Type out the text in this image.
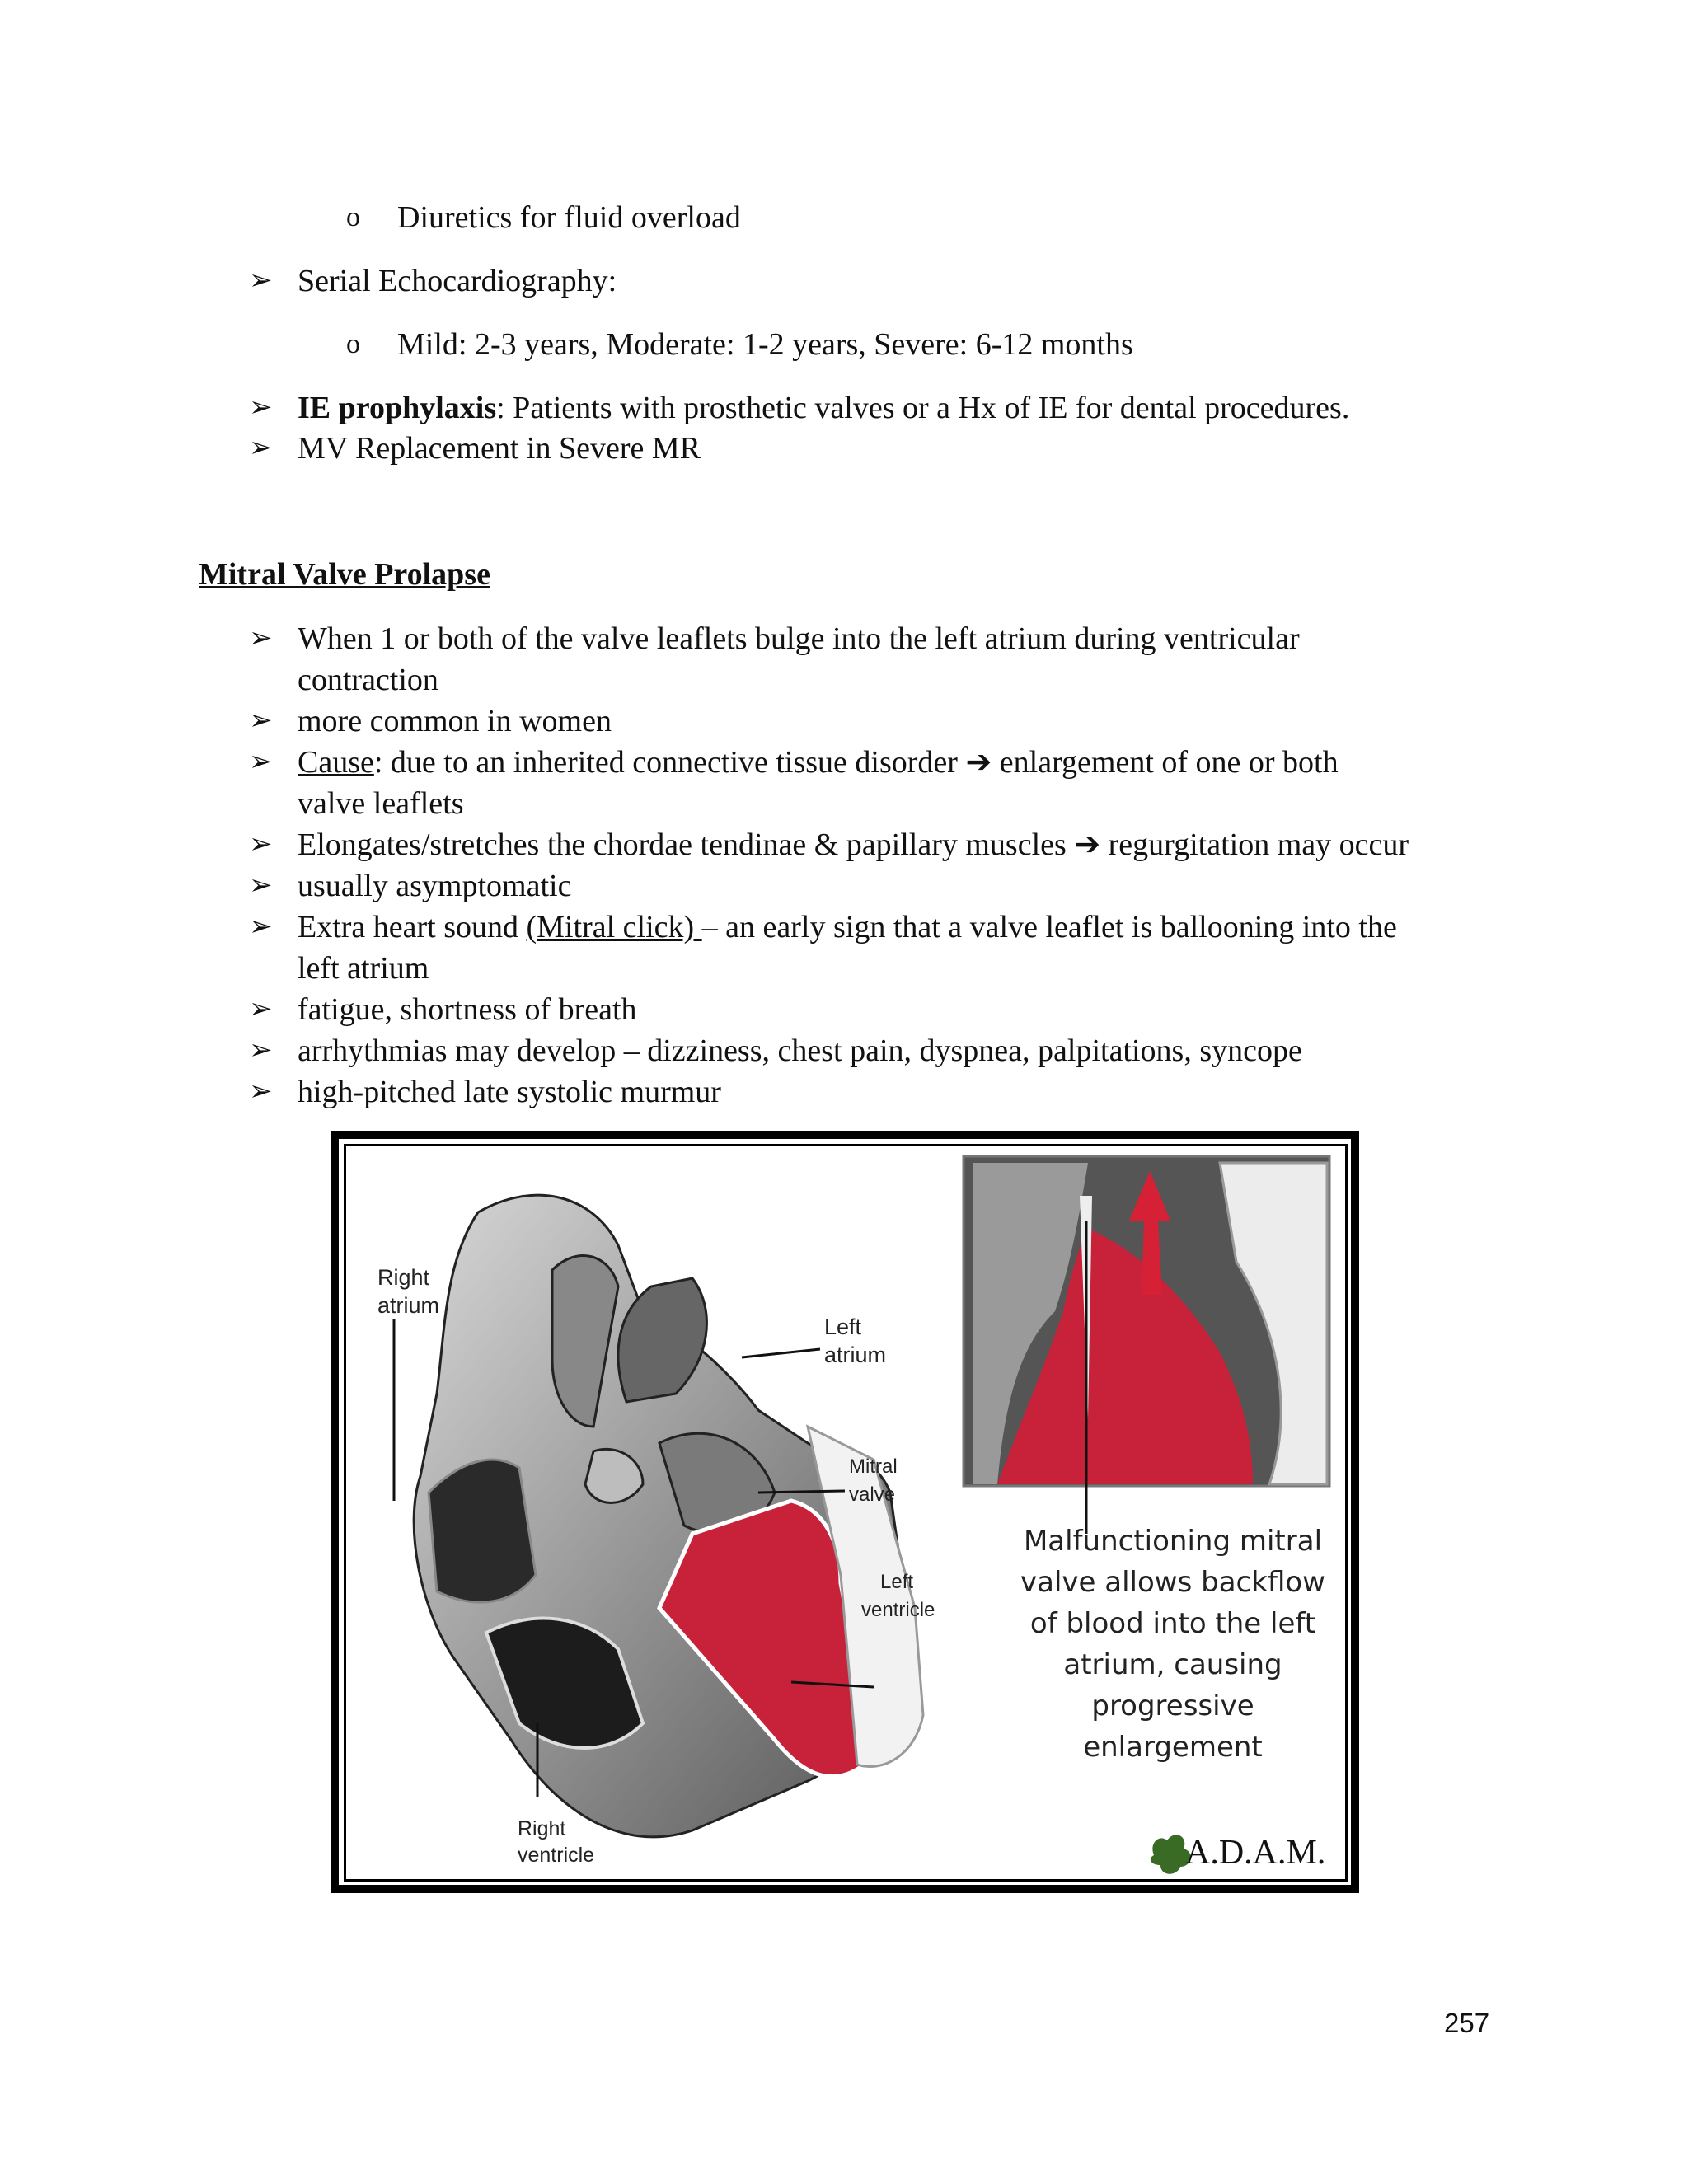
o Diuretics for fluid overload
➢ Serial Echocardiography:
o Mild: 2-3 years, Moderate: 1-2 years, Severe: 6-12 months
➢ IE prophylaxis: Patients with prosthetic valves or a Hx of IE for dental procedures.
➢ MV Replacement in Severe MR
Mitral Valve Prolapse
➢ When 1 or both of the valve leaflets bulge into the left atrium during ventricular
contraction
➢ more common in women
➢ Cause: due to an inherited connective tissue disorder ➔ enlargement of one or both
valve leaflets
➢ Elongates/stretches the chordae tendinae & papillary muscles ➔ regurgitation may occur
➢ usually asymptomatic
➢ Extra heart sound (Mitral click) – an early sign that a valve leaflet is ballooning into the
left atrium
➢ fatigue, shortness of breath
➢ arrhythmias may develop – dizziness, chest pain, dyspnea, palpitations, syncope
➢ high-pitched late systolic murmur
Right
atrium
Left
atrium
Mitral
valve
Left
ventricle
Right
ventricle
Malfunctioning mitral
valve allows backflow
of blood into the left
atrium, causing
progressive
enlargement
A.D.A.M.
257
